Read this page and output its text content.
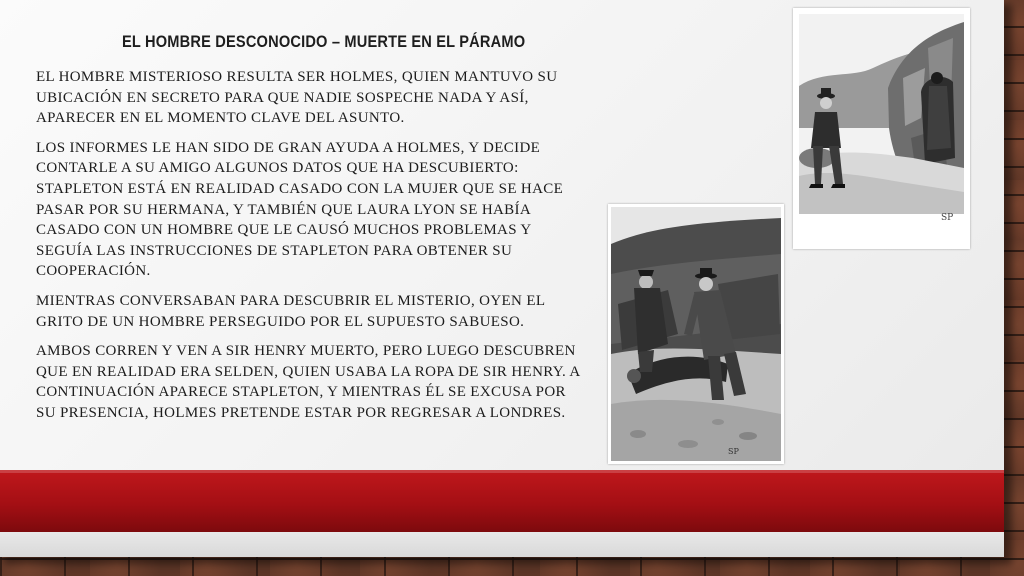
EL HOMBRE DESCONOCIDO – MUERTE EN EL PÁRAMO

EL HOMBRE MISTERIOSO RESULTA SER HOLMES, QUIEN MANTUVO SU UBICACIÓN EN SECRETO PARA QUE NADIE SOSPECHE NADA Y ASÍ, APARECER EN EL MOMENTO CLAVE DEL ASUNTO.

LOS INFORMES LE HAN SIDO DE GRAN AYUDA A HOLMES, Y DECIDE CONTARLE A SU AMIGO ALGUNOS DATOS QUE HA DESCUBIERTO: STAPLETON ESTÁ EN REALIDAD CASADO CON LA MUJER QUE SE HACE PASAR POR SU HERMANA, Y TAMBIÉN QUE LAURA LYON SE HABÍA CASADO CON UN HOMBRE QUE LE CAUSÓ MUCHOS PROBLEMAS Y SEGUÍA LAS INSTRUCCIONES DE STAPLETON PARA OBTENER SU COOPERACIÓN.

MIENTRAS CONVERSABAN PARA DESCUBRIR EL MISTERIO, OYEN EL GRITO DE UN HOMBRE PERSEGUIDO POR EL SUPUESTO SABUESO.

AMBOS CORREN Y VEN A SIR HENRY MUERTO, PERO LUEGO DESCUBREN QUE EN REALIDAD ERA SELDEN, QUIEN USABA LA ROPA DE SIR HENRY. A CONTINUACIÓN APARECE STAPLETON, Y MIENTRAS ÉL SE EXCUSA POR SU PRESENCIA, HOLMES PRETENDE ESTAR POR REGRESAR A LONDRES.

SP
SP
